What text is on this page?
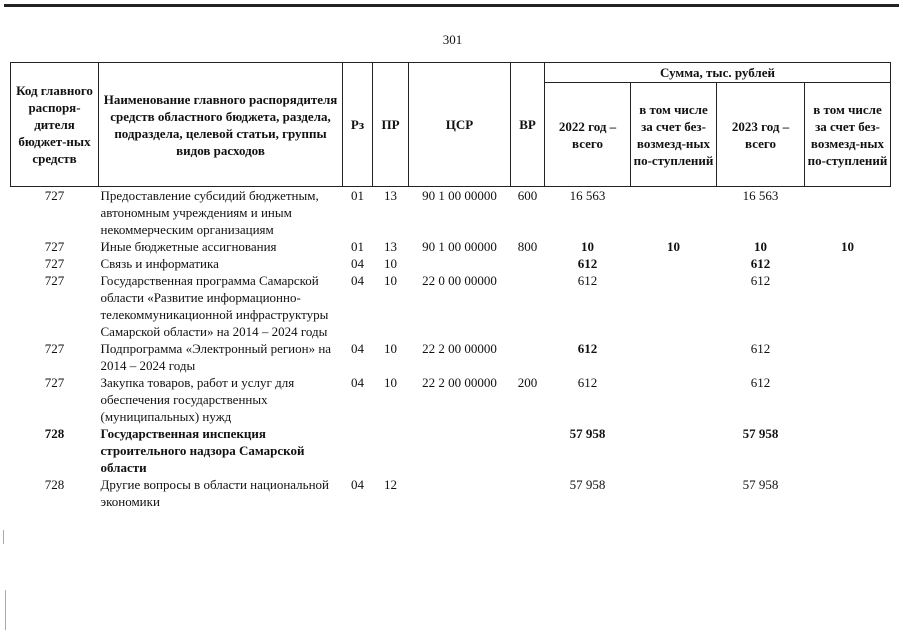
301
Код главного распоря-дителя бюджет-ных средств	Наименование главного распорядителя средств областного бюджета, раздела, подраздела, целевой статьи, группы видов расходов	Рз	ПР	ЦСР	ВР	Сумма, тыс. рублей			
						2022 год – всего	в том числе за счет без-возмезд-ных по-ступлений	2023 год – всего	в том числе за счет без-возмезд-ных по-ступлений
727	Предоставление субсидий бюджетным, автономным учреждениям и иным некоммерческим организациям	01	13	90 1 00 00000	600	16 563		16 563	
727	Иные бюджетные ассигнования	01	13	90 1 00 00000	800	10	10	10	10
727	Связь и информатика	04	10			612		612	
727	Государственная программа Самарской области «Развитие информационно-телекоммуникационной инфраструктуры Самарской области» на 2014 – 2024 годы	04	10	22 0 00 00000		612		612	
727	Подпрограмма «Электронный регион» на 2014 – 2024 годы	04	10	22 2 00 00000		612		612	
727	Закупка товаров, работ и услуг для обеспечения государственных (муниципальных) нужд	04	10	22 2 00 00000	200	612		612	
728	Государственная инспекция строительного надзора Самарской области					57 958		57 958	
728	Другие вопросы в области национальной экономики	04	12			57 958		57 958	
